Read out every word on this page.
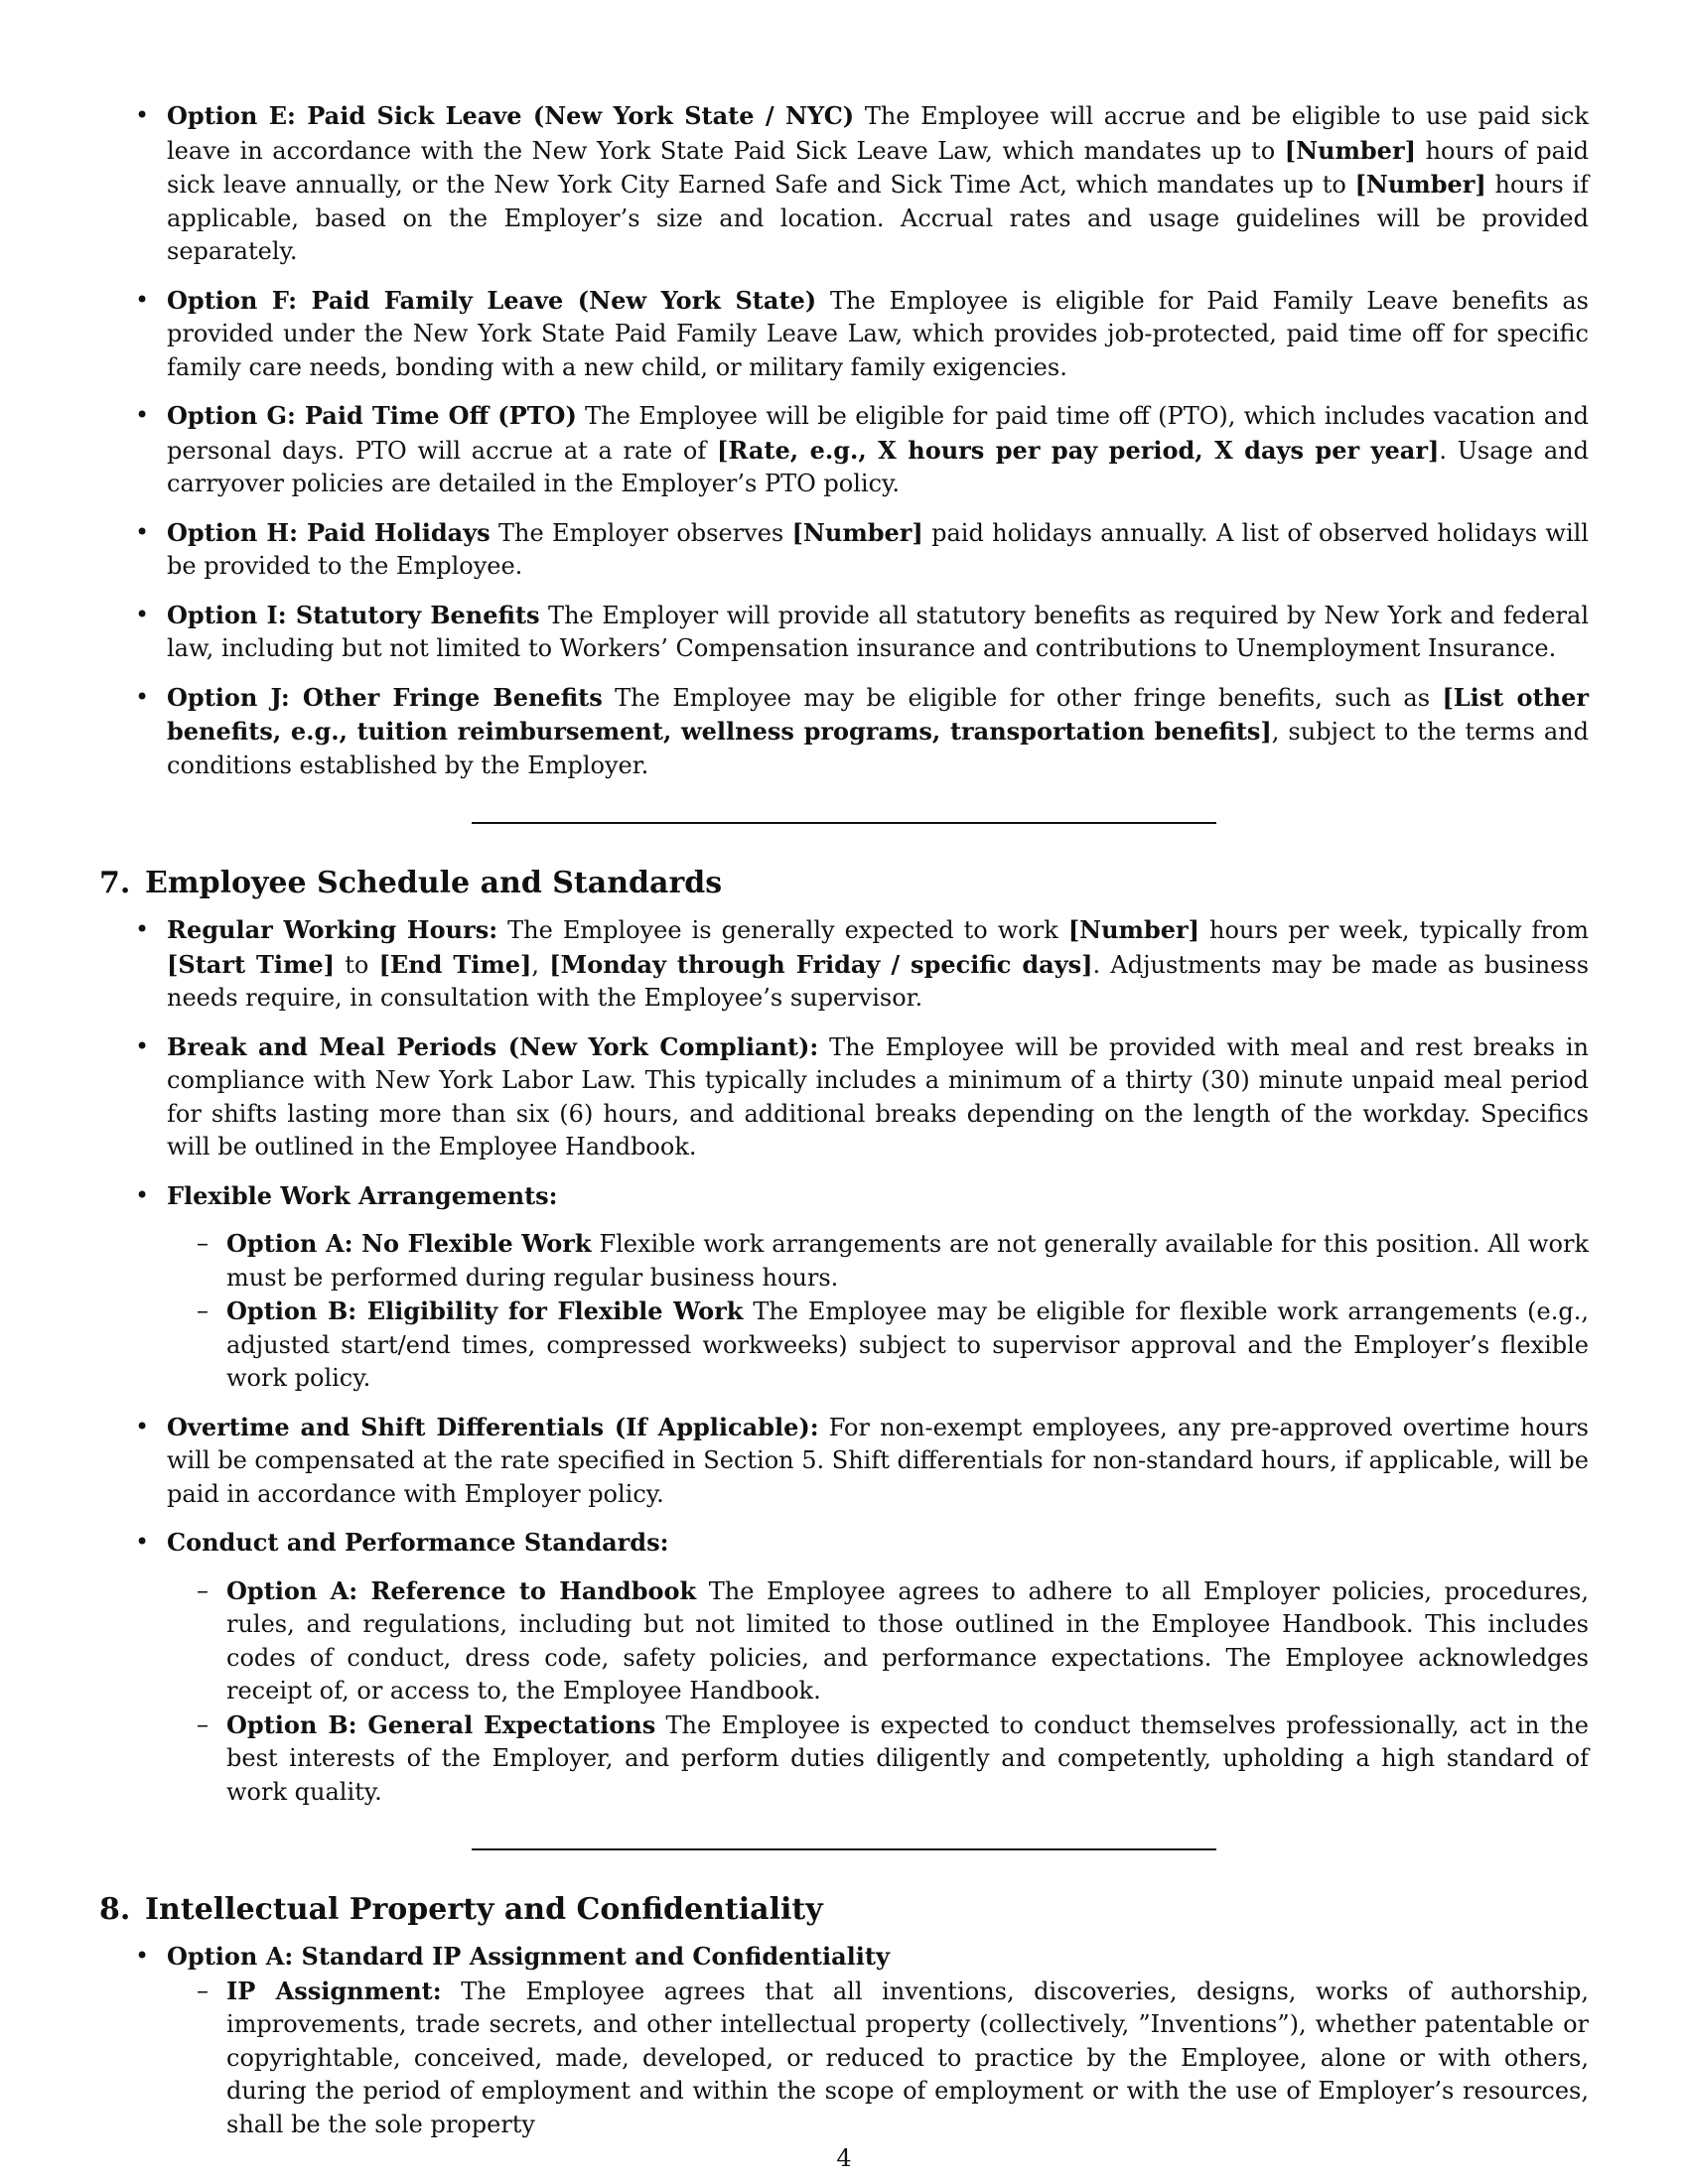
• Option E: Paid Sick Leave (New York State / NYC) The Employee will accrue and be eligible to use paid sick leave in accordance with the New York State Paid Sick Leave Law, which mandates up to [Number] hours of paid sick leave annually, or the New York City Earned Safe and Sick Time Act, which mandates up to [Number] hours if applicable, based on the Employer’s size and location. Accrual rates and usage guidelines will be provided separately.
• Option F: Paid Family Leave (New York State) The Employee is eligible for Paid Family Leave benefits as provided under the New York State Paid Family Leave Law, which provides job-protected, paid time off for specific family care needs, bonding with a new child, or military family exigencies.
• Option G: Paid Time Off (PTO) The Employee will be eligible for paid time off (PTO), which includes vacation and personal days. PTO will accrue at a rate of [Rate, e.g., X hours per pay period, X days per year]. Usage and carryover policies are detailed in the Employer’s PTO policy.
• Option H: Paid Holidays The Employer observes [Number] paid holidays annually. A list of observed holidays will be provided to the Employee.
• Option I: Statutory Benefits The Employer will provide all statutory benefits as required by New York and federal law, including but not limited to Workers’ Compensation insurance and contributions to Unemployment Insurance.
• Option J: Other Fringe Benefits The Employee may be eligible for other fringe benefits, such as [List other benefits, e.g., tuition reimbursement, wellness programs, transportation benefits], subject to the terms and conditions established by the Employer.
7. Employee Schedule and Standards
• Regular Working Hours: The Employee is generally expected to work [Number] hours per week, typically from [Start Time] to [End Time], [Monday through Friday / specific days]. Adjustments may be made as business needs require, in consultation with the Employee’s supervisor.
• Break and Meal Periods (New York Compliant): The Employee will be provided with meal and rest breaks in compliance with New York Labor Law. This typically includes a minimum of a thirty (30) minute unpaid meal period for shifts lasting more than six (6) hours, and additional breaks depending on the length of the workday. Specifics will be outlined in the Employee Handbook.
• Flexible Work Arrangements:
– Option A: No Flexible Work Flexible work arrangements are not generally available for this position. All work must be performed during regular business hours.
– Option B: Eligibility for Flexible Work The Employee may be eligible for flexible work arrangements (e.g., adjusted start/end times, compressed workweeks) subject to supervisor approval and the Employer’s flexible work policy.
• Overtime and Shift Differentials (If Applicable): For non-exempt employees, any pre-approved overtime hours will be compensated at the rate specified in Section 5. Shift differentials for non-standard hours, if applicable, will be paid in accordance with Employer policy.
• Conduct and Performance Standards:
– Option A: Reference to Handbook The Employee agrees to adhere to all Employer policies, procedures, rules, and regulations, including but not limited to those outlined in the Employee Handbook. This includes codes of conduct, dress code, safety policies, and performance expectations. The Employee acknowledges receipt of, or access to, the Employee Handbook.
– Option B: General Expectations The Employee is expected to conduct themselves professionally, act in the best interests of the Employer, and perform duties diligently and competently, upholding a high standard of work quality.
8. Intellectual Property and Confidentiality
• Option A: Standard IP Assignment and Confidentiality
– IP Assignment: The Employee agrees that all inventions, discoveries, designs, works of authorship, improvements, trade secrets, and other intellectual property (collectively, ”Inventions”), whether patentable or copyrightable, conceived, made, developed, or reduced to practice by the Employee, alone or with others, during the period of employment and within the scope of employment or with the use of Employer’s resources, shall be the sole property
4
